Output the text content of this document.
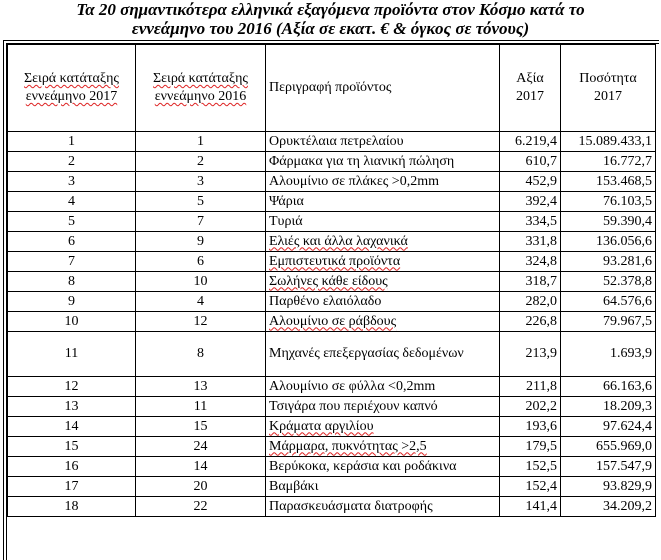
Τα 20 σημαντικότερα ελληνικά εξαγόμενα προϊόντα στον Κόσμο κατά το
εννεάμηνο του 2016 (Αξία σε εκατ. € & όγκος σε τόνους)
Σειρά κατάταξης εννεάμηνο 2017	Σειρά κατάταξης εννεάμηνο 2016	Περιγραφή προϊόντος	Αξία 2017	Ποσότητα 2017
1	1	Ορυκτέλαια πετρελαίου	6.219,4	15.089.433,1
2	2	Φάρμακα για τη λιανική πώληση	610,7	16.772,7
3	3	Αλουμίνιο σε πλάκες >0,2mm	452,9	153.468,5
4	5	Ψάρια	392,4	76.103,5
5	7	Τυριά	334,5	59.390,4
6	9	Ελιές και άλλα λαχανικά	331,8	136.056,6
7	6	Εμπιστευτικά προϊόντα	324,8	93.281,6
8	10	Σωλήνες κάθε είδους	318,7	52.378,8
9	4	Παρθένο ελαιόλαδο	282,0	64.576,6
10	12	Αλουμίνιο σε ράβδους	226,8	79.967,5
11	8	Μηχανές επεξεργασίας δεδομένων	213,9	1.693,9
12	13	Αλουμίνιο σε φύλλα <0,2mm	211,8	66.163,6
13	11	Τσιγάρα που περιέχουν καπνό	202,2	18.209,3
14	15	Κράματα αργιλίου	193,6	97.624,4
15	24	Μάρμαρα, πυκνότητας >2,5	179,5	655.969,0
16	14	Βερύκοκα, κεράσια και ροδάκινα	152,5	157.547,9
17	20	Βαμβάκι	152,4	93.829,9
18	22	Παρασκευάσματα διατροφής	141,4	34.209,2
